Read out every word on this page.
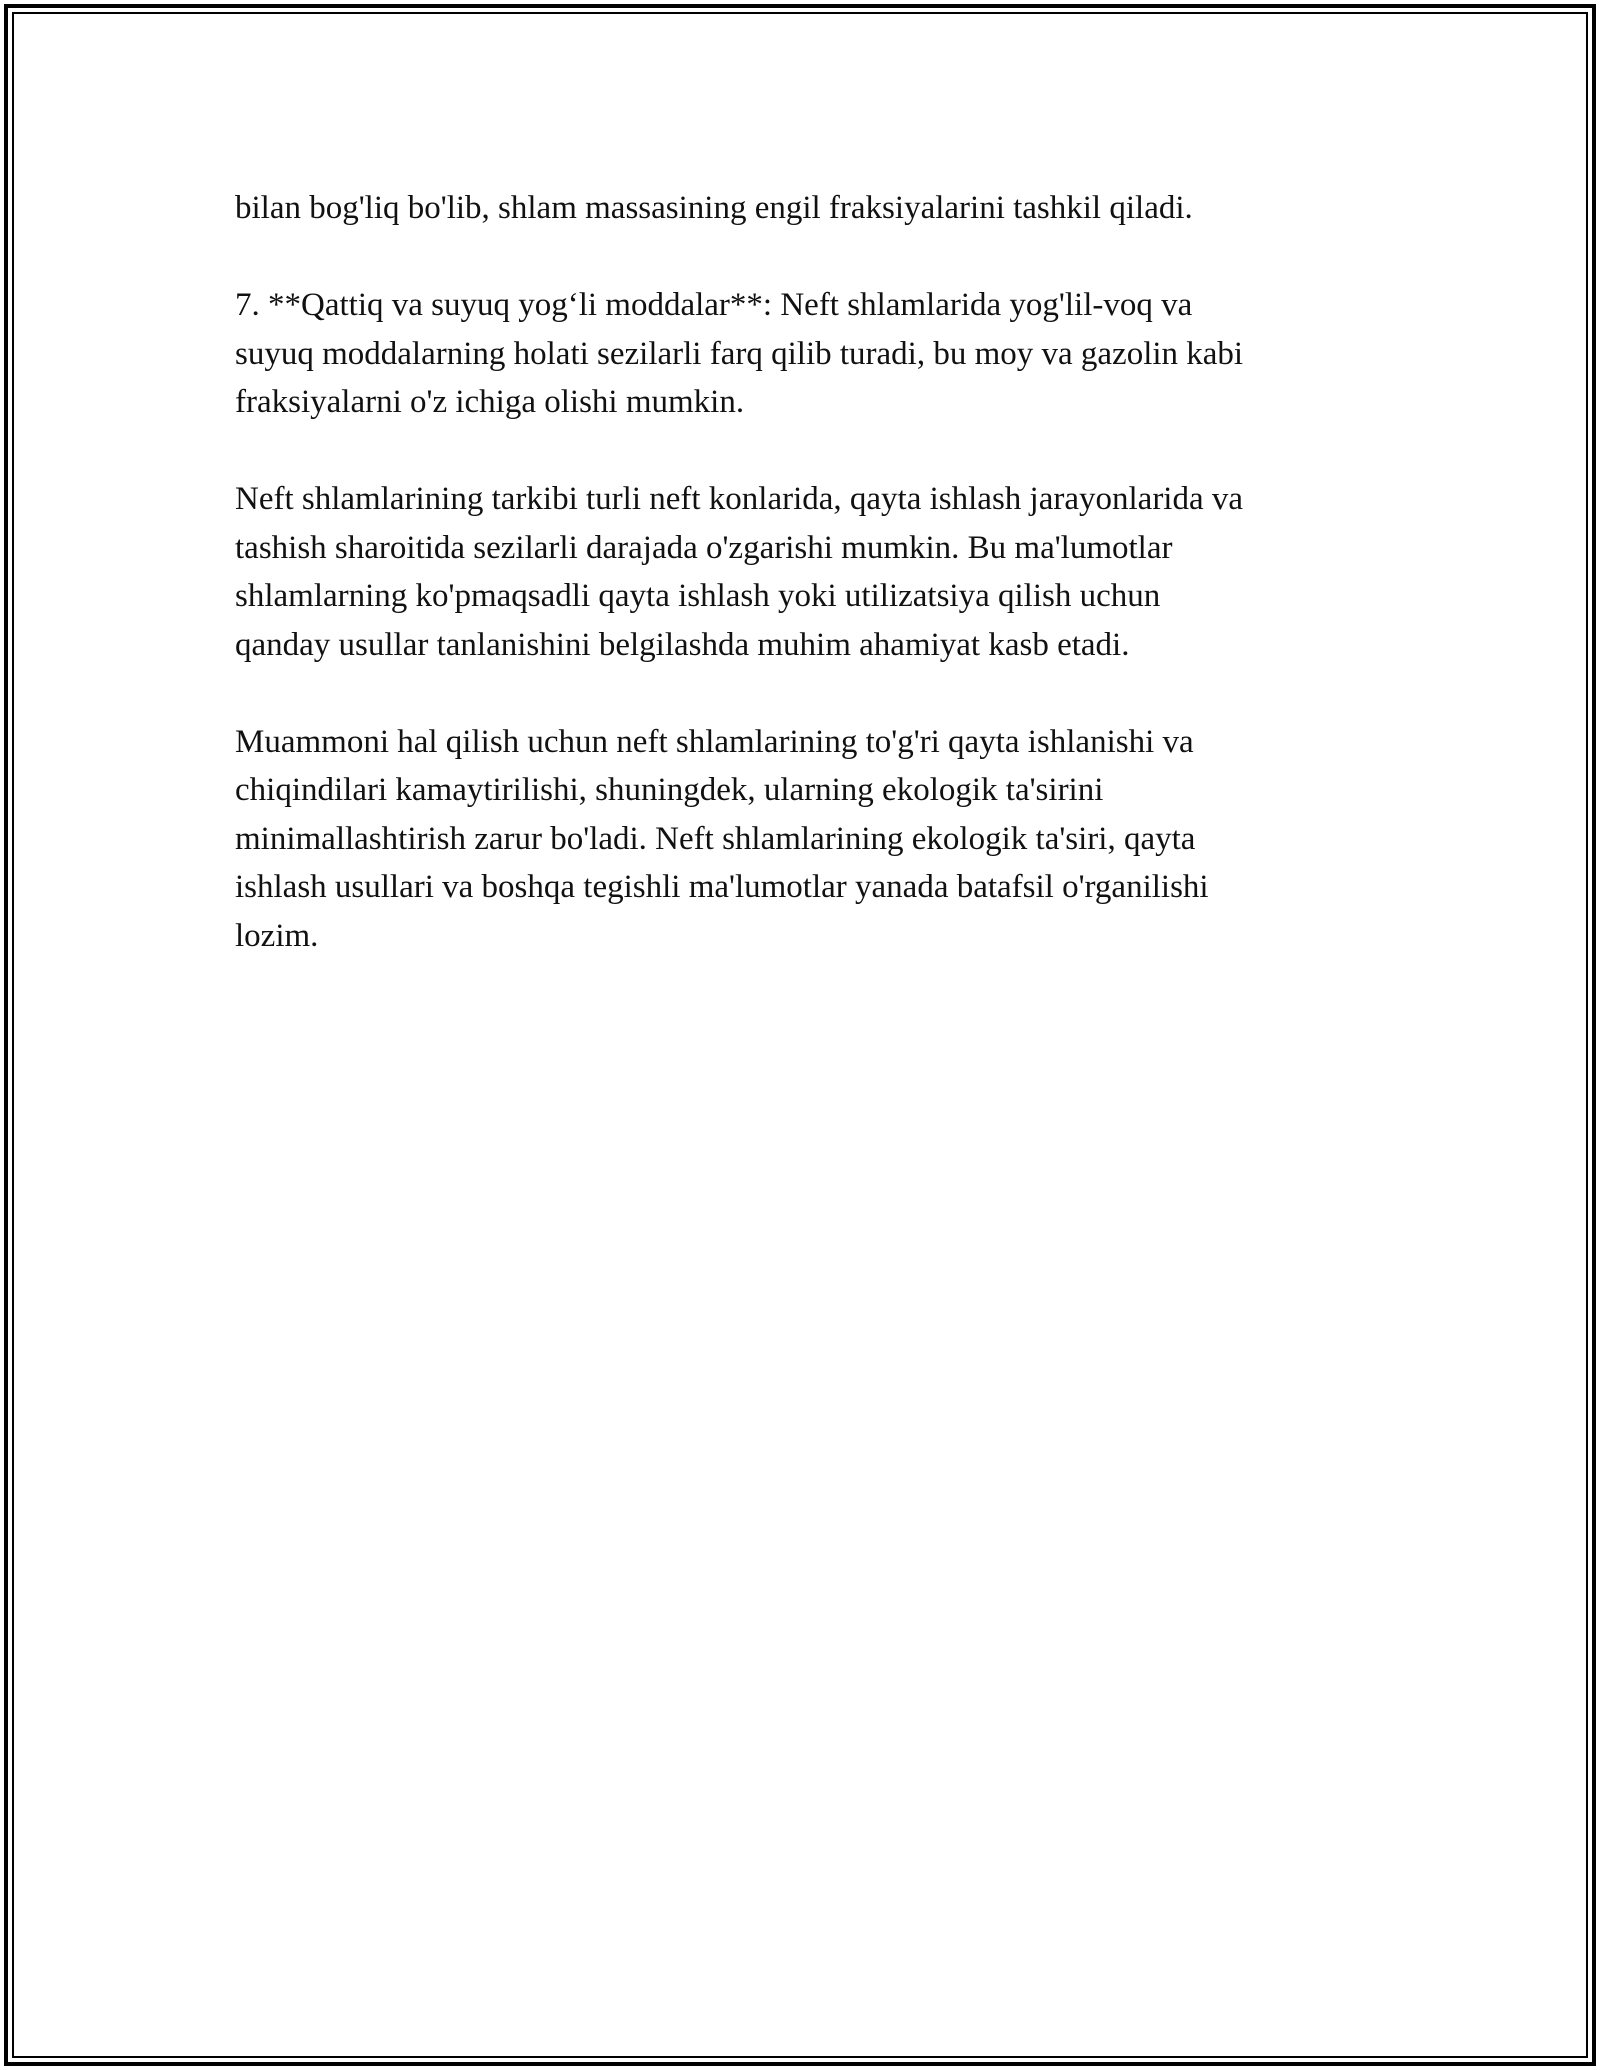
bilan bog'liq bo'lib, shlam massasining engil fraksiyalarini tashkil qiladi.

7. **Qattiq va suyuq yog‘li moddalar**: Neft shlamlarida yog'lil-voq va
suyuq moddalarning holati sezilarli farq qilib turadi, bu moy va gazolin kabi
fraksiyalarni o'z ichiga olishi mumkin.

Neft shlamlarining tarkibi turli neft konlarida, qayta ishlash jarayonlarida va
tashish sharoitida sezilarli darajada o'zgarishi mumkin. Bu ma'lumotlar
shlamlarning ko'pmaqsadli qayta ishlash yoki utilizatsiya qilish uchun
qanday usullar tanlanishini belgilashda muhim ahamiyat kasb etadi.

Muammoni hal qilish uchun neft shlamlarining to'g'ri qayta ishlanishi va
chiqindilari kamaytirilishi, shuningdek, ularning ekologik ta'sirini
minimallashtirish zarur bo'ladi. Neft shlamlarining ekologik ta'siri, qayta
ishlash usullari va boshqa tegishli ma'lumotlar yanada batafsil o'rganilishi
lozim.
